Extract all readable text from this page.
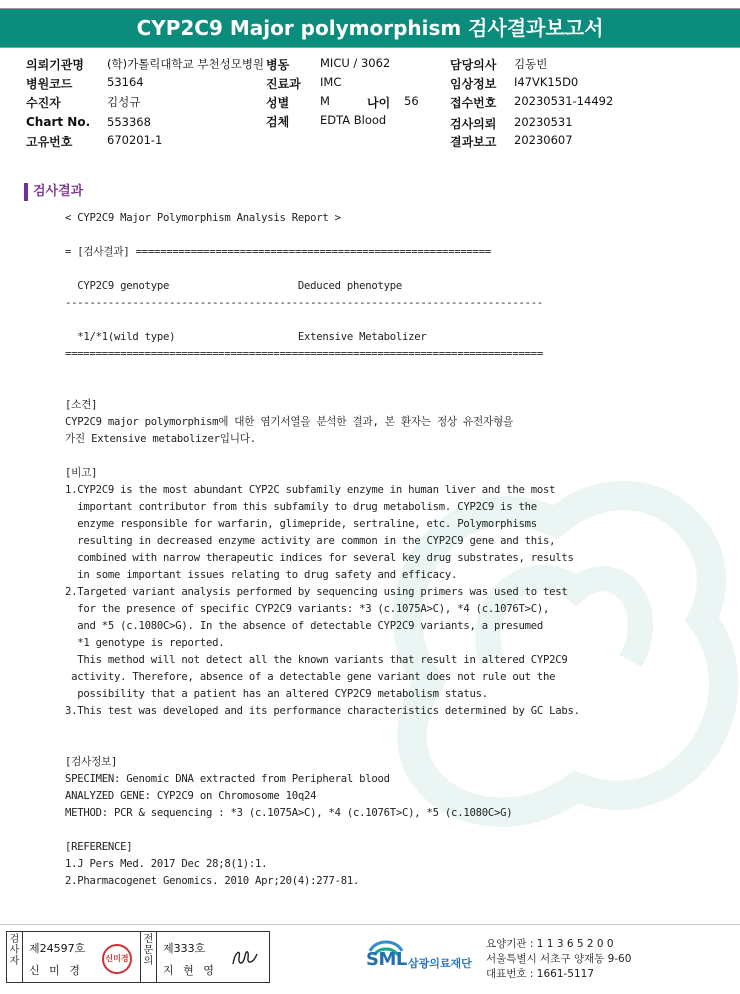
CYP2C9 Major polymorphism 검사결과보고서
의뢰기관명 (학)가톨릭대학교 부천성모병원 병동	MICU / 3062	담당의사 김동빈
병원코드	53164	진료과 IMC	임상정보 I47VK15D0
수진자	김성규	성별	M	나이 56	접수번호 20230531-14492
Chart No. 553368	검체	EDTA Blood	검사의뢰 20230531
고유번호	670201-1	결과보고 20230607
검사결과
< CYP2C9 Major Polymorphism Analysis Report >

= [검사결과] ==========================================================

CYP2C9 genotype                     Deduced phenotype
------------------------------------------------------------------------------

*1/*1(wild type)                    Extensive Metabolizer
==============================================================================

[소견]
CYP2C9 major polymorphism에 대한 염기서열을 분석한 결과, 본 환자는 정상 유전자형을
가진 Extensive metabolizer입니다.

[비고]
1.CYP2C9 is the most abundant CYP2C subfamily enzyme in human liver and the most
important contributor from this subfamily to drug metabolism. CYP2C9 is the
enzyme responsible for warfarin, glimepride, sertraline, etc. Polymorphisms
resulting in decreased enzyme activity are common in the CYP2C9 gene and this,
combined with narrow therapeutic indices for several key drug substrates, results
in some important issues relating to drug safety and efficacy.
2.Targeted variant analysis performed by sequencing using primers was used to test
for the presence of specific CYP2C9 variants: *3 (c.1075A>C), *4 (c.1076T>C),
and *5 (c.1080C>G). In the absence of detectable CYP2C9 variants, a presumed
*1 genotype is reported.
This method will not detect all the known variants that result in altered CYP2C9
activity. Therefore, absence of a detectable gene variant does not rule out the
possibility that a patient has an altered CYP2C9 metabolism status.
3.This test was developed and its performance characteristics determined by GC Labs.

[검사정보]
SPECIMEN: Genomic DNA extracted from Peripheral blood
ANALYZED GENE: CYP2C9 on Chromosome 10q24
METHOD: PCR & sequencing : *3 (c.1075A>C), *4 (c.1076T>C), *5 (c.1080C>G)

[REFERENCE]
1.J Pers Med. 2017 Dec 28;8(1):1.
2.Pharmacogenet Genomics. 2010 Apr;20(4):277-81.
검사자
제24597호
신 미 경
신미경
전문의
제333호
지 현 영
SML 삼광의료재단
요양기관 : 1 1 3 6 5 2 0 0
서울특별시 서초구 양재동 9-60
대표번호 : 1661-5117
